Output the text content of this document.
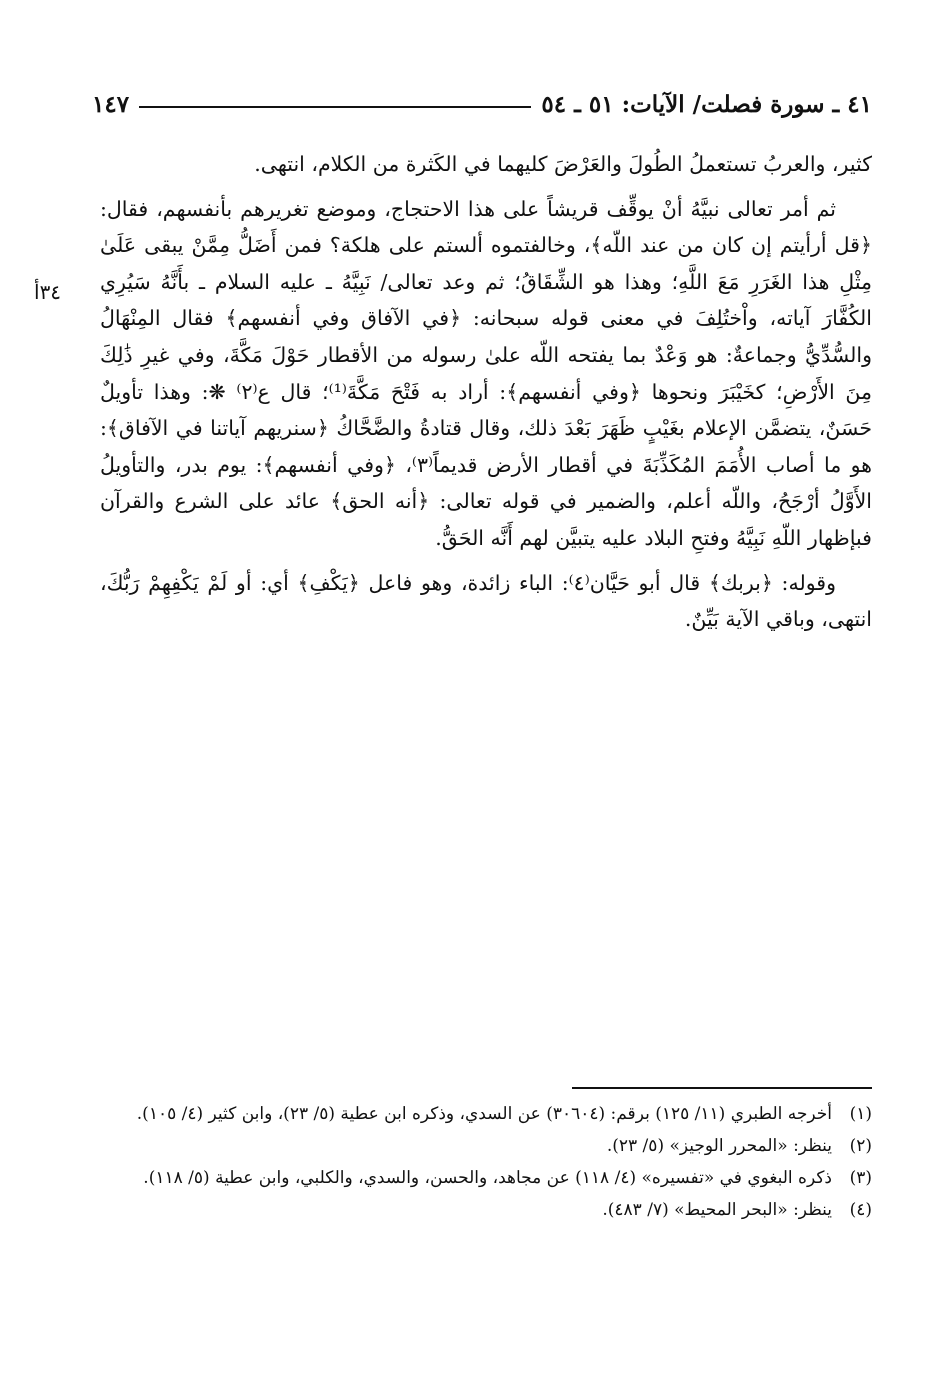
٤١ ـ سورة فصلت/ الآيات: ٥١ ـ ٥٤
١٤٧
٣٤أ

كثير، والعربُ تستعملُ الطُولَ والعَرْضَ كليهما في الكَثرة من الكلام، انتهى.

ثم أمر تعالى نبيَّهُ أنْ يوقِّف قريشاً على هذا الاحتجاج، وموضع تغريرهم بأنفسهم، فقال: ﴿قل أرأيتم إن كان من عند اللّه﴾، وخالفتموه ألستم على هلكة؟ فمن أَضَلُّ مِمَّنْ يبقى عَلَىٰ مِثْلِ هذا الغَرَرِ مَعَ اللَّهِ؛ وهذا هو الشِّقَاقُ؛ ثم وعد تعالى/ نَبِيَّهُ ـ عليه السلام ـ بأَنَّهُ سَيُرِي الكُفَّارَ آياته، واْختُلِفَ في معنى قوله سبحانه: ﴿في الآفاق وفي أنفسهم﴾ فقال المِنْهَالُ والسُّدِّيُّ وجماعةٌ: هو وَعْدٌ بما يفتحه اللّه علىٰ رسوله من الأقطار حَوْلَ مَكَّةَ، وفي غيرِ ذَٰلِكَ مِنَ الأَرْضِ؛ كخَيْبَرَ ونحوها ﴿وفي أنفسهم﴾: أراد به فَتْحَ مَكَّةَ⁽¹⁾؛ قال ع⁽٢⁾ ❋: وهذا تأويلٌ حَسَنٌ، يتضمَّن الإعلام بغَيْبٍ ظَهَرَ بَعْدَ ذلك، وقال قتادةُ والضَّحَّاكُ ﴿سنريهم آياتنا في الآفاق﴾: هو ما أصاب الأُمَمَ المُكَذِّبَةَ في أقطار الأرض قديماً⁽٣⁾، ﴿وفي أنفسهم﴾: يوم بدر، والتأويلُ الأَوَّلُ أرْجَحُ، واللّه أعلم، والضمير في قوله تعالى: ﴿أنه الحق﴾ عائد على الشرع والقرآن فبإظهار اللّهِ نَبِيَّهُ وفتحِ البلاد عليه يتبيَّن لهم أَنَّه الحَقُّ.

وقوله: ﴿بربك﴾ قال أبو حَيَّان⁽٤⁾: الباء زائدة، وهو فاعل ﴿يَكْفِ﴾ أي: أو لَمْ يَكْفِهِمْ رَبُّكَ، انتهى، وباقي الآية بَيِّنٌ.

(١)
أخرجه الطبري (١١/ ١٢٥) برقم: (٣٠٦٠٤) عن السدي، وذكره ابن عطية (٥/ ٢٣)، وابن كثير (٤/ ١٠٥).
(٢)
ينظر: «المحرر الوجيز» (٥/ ٢٣).
(٣)
ذكره البغوي في «تفسيره» (٤/ ١١٨) عن مجاهد، والحسن، والسدي، والكلبي، وابن عطية (٥/ ١١٨).
(٤)
ينظر: «البحر المحيط» (٧/ ٤٨٣).
